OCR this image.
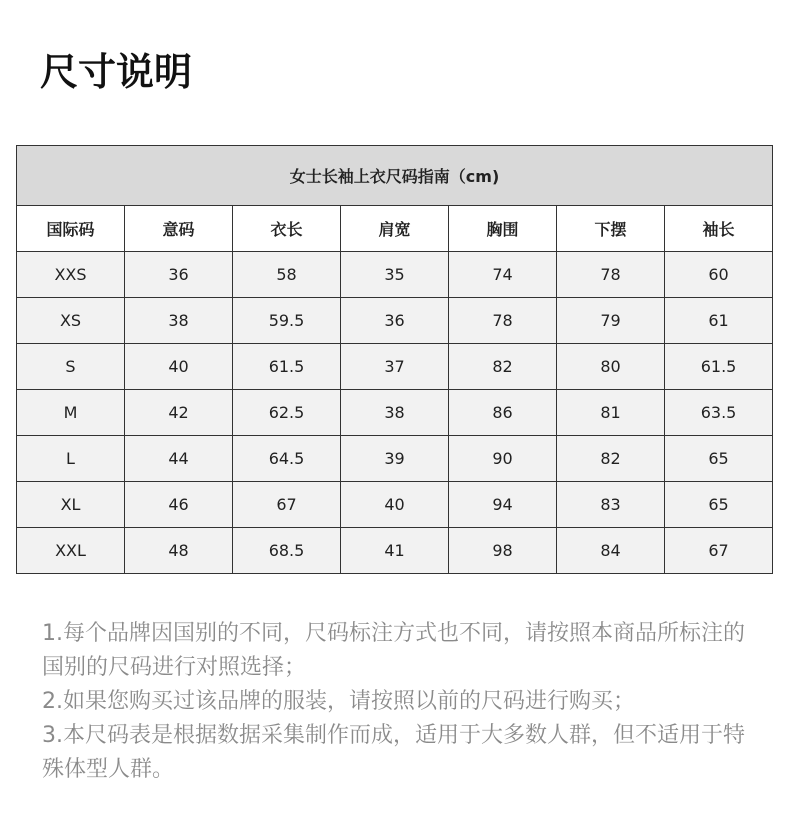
尺寸说明
女士长袖上衣尺码指南（cm)						
国际码	意码	衣长	肩宽	胸围	下摆	袖长
XXS	36	58	35	74	78	60
XS	38	59.5	36	78	79	61
S	40	61.5	37	82	80	61.5
M	42	62.5	38	86	81	63.5
L	44	64.5	39	90	82	65
XL	46	67	40	94	83	65
XXL	48	68.5	41	98	84	67

1.每个品牌因国别的不同，尺码标注方式也不同，请按照本商品所标注的国别的尺码进行对照选择；

2.如果您购买过该品牌的服装，请按照以前的尺码进行购买；

3.本尺码表是根据数据采集制作而成，适用于大多数人群，但不适用于特殊体型人群。
